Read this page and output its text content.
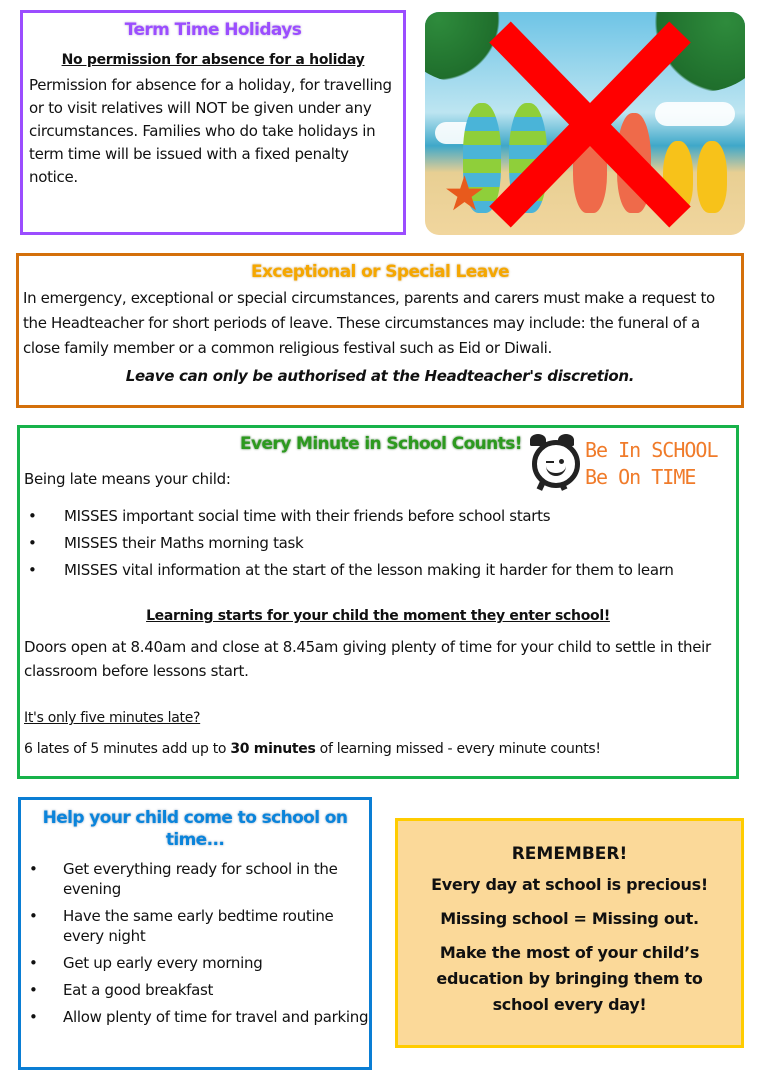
Term Time Holidays
No permission for absence for a holiday
Permission for absence for a holiday, for travelling or to visit relatives will NOT be given under any circumstances. Families who do take holidays in term time will be issued with a fixed penalty notice.	★
Exceptional or Special Leave
In emergency, exceptional or special circumstances, parents and carers must make a request to the Headteacher for short periods of leave. These circumstances may include: the funeral of a close family member or a common religious festival such as Eid or Diwali.
Leave can only be authorised at the Headteacher's discretion.
Every Minute in School Counts!	Be In SCHOOL
Be On TIME
Being late means your child:
• MISSES important social time with their friends before school starts
• MISSES their Maths morning task
• MISSES vital information at the start of the lesson making it harder for them to learn
Learning starts for your child the moment they enter school!
Doors open at 8.40am and close at 8.45am giving plenty of time for your child to settle in their classroom before lessons start.
It's only five minutes late?
6 lates of 5 minutes add up to 30 minutes of learning missed - every minute counts!
Help your child come to school on time...
• Get everything ready for school in the evening
• Have the same early bedtime routine every night
• Get up early every morning
• Eat a good breakfast
• Allow plenty of time for travel and parking
REMEMBER!
Every day at school is precious!
Missing school = Missing out.
Make the most of your child’s education by bringing them to school every day!
